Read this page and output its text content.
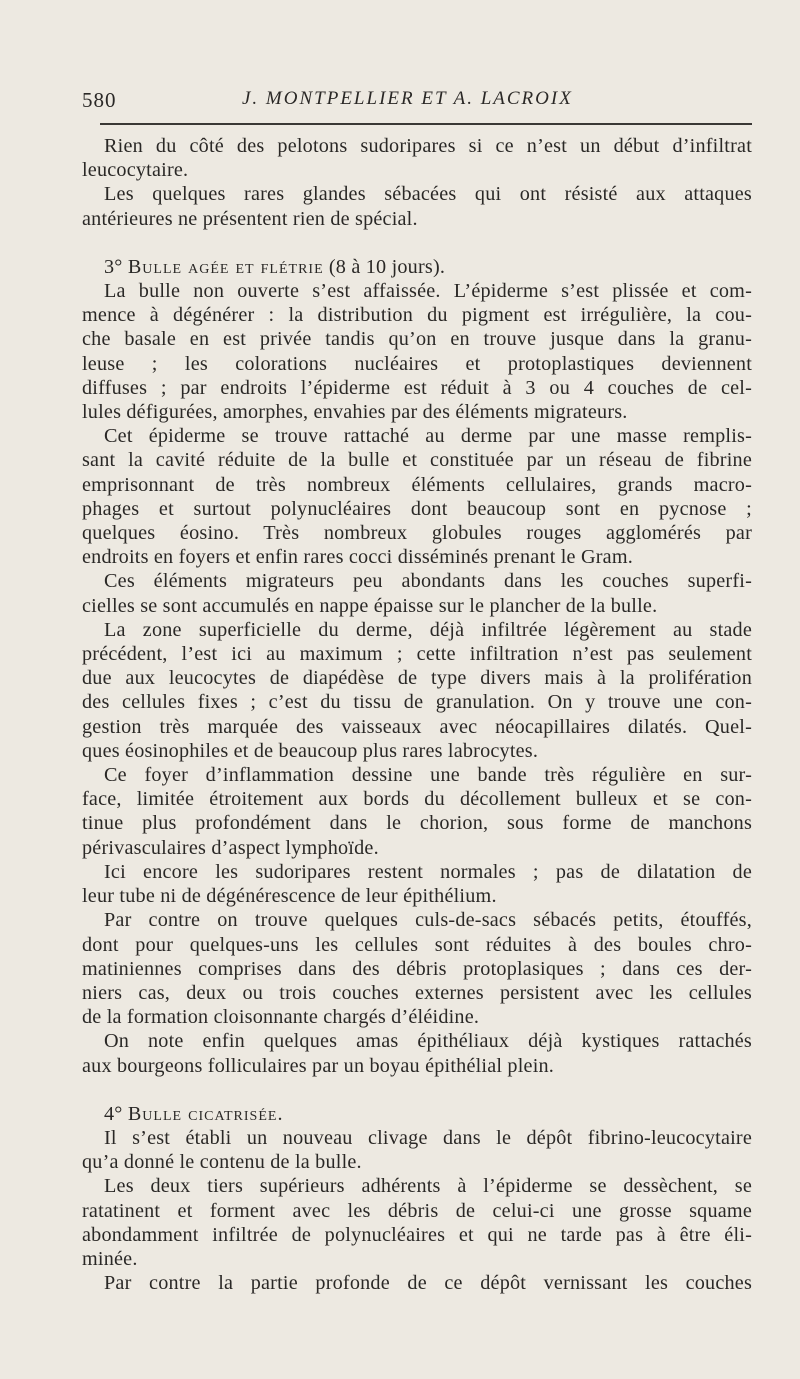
580	J. MONTPELLIER ET A. LACROIX
Rien du côté des pelotons sudoripares si ce n’est un début d’infiltrat
leucocytaire.
Les quelques rares glandes sébacées qui ont résisté aux attaques
antérieures ne présentent rien de spécial.
3° Bulle agée et flétrie (8 à 10 jours).
La bulle non ouverte s’est affaissée. L’épiderme s’est plissée et com-
mence à dégénérer : la distribution du pigment est irrégulière, la cou-
che basale en est privée tandis qu’on en trouve jusque dans la granu-
leuse ; les colorations nucléaires et protoplastiques deviennent
diffuses ; par endroits l’épiderme est réduit à 3 ou 4 couches de cel-
lules défigurées, amorphes, envahies par des éléments migrateurs.
Cet épiderme se trouve rattaché au derme par une masse remplis-
sant la cavité réduite de la bulle et constituée par un réseau de fibrine
emprisonnant de très nombreux éléments cellulaires, grands macro-
phages et surtout polynucléaires dont beaucoup sont en pycnose ;
quelques éosino. Très nombreux globules rouges agglomérés par
endroits en foyers et enfin rares cocci disséminés prenant le Gram.
Ces éléments migrateurs peu abondants dans les couches superfi-
cielles se sont accumulés en nappe épaisse sur le plancher de la bulle.
La zone superficielle du derme, déjà infiltrée légèrement au stade
précédent, l’est ici au maximum ; cette infiltration n’est pas seulement
due aux leucocytes de diapédèse de type divers mais à la prolifération
des cellules fixes ; c’est du tissu de granulation. On y trouve une con-
gestion très marquée des vaisseaux avec néocapillaires dilatés. Quel-
ques éosinophiles et de beaucoup plus rares labrocytes.
Ce foyer d’inflammation dessine une bande très régulière en sur-
face, limitée étroitement aux bords du décollement bulleux et se con-
tinue plus profondément dans le chorion, sous forme de manchons
périvasculaires d’aspect lymphoïde.
Ici encore les sudoripares restent normales ; pas de dilatation de
leur tube ni de dégénérescence de leur épithélium.
Par contre on trouve quelques culs-de-sacs sébacés petits, étouffés,
dont pour quelques-uns les cellules sont réduites à des boules chro-
matiniennes comprises dans des débris protoplasiques ; dans ces der-
niers cas, deux ou trois couches externes persistent avec les cellules
de la formation cloisonnante chargés d’éléidine.
On note enfin quelques amas épithéliaux déjà kystiques rattachés
aux bourgeons folliculaires par un boyau épithélial plein.
4° Bulle cicatrisée.
Il s’est établi un nouveau clivage dans le dépôt fibrino-leucocytaire
qu’a donné le contenu de la bulle.
Les deux tiers supérieurs adhérents à l’épiderme se dessèchent, se
ratatinent et forment avec les débris de celui-ci une grosse squame
abondamment infiltrée de polynucléaires et qui ne tarde pas à être éli-
minée.
Par contre la partie profonde de ce dépôt vernissant les couches
